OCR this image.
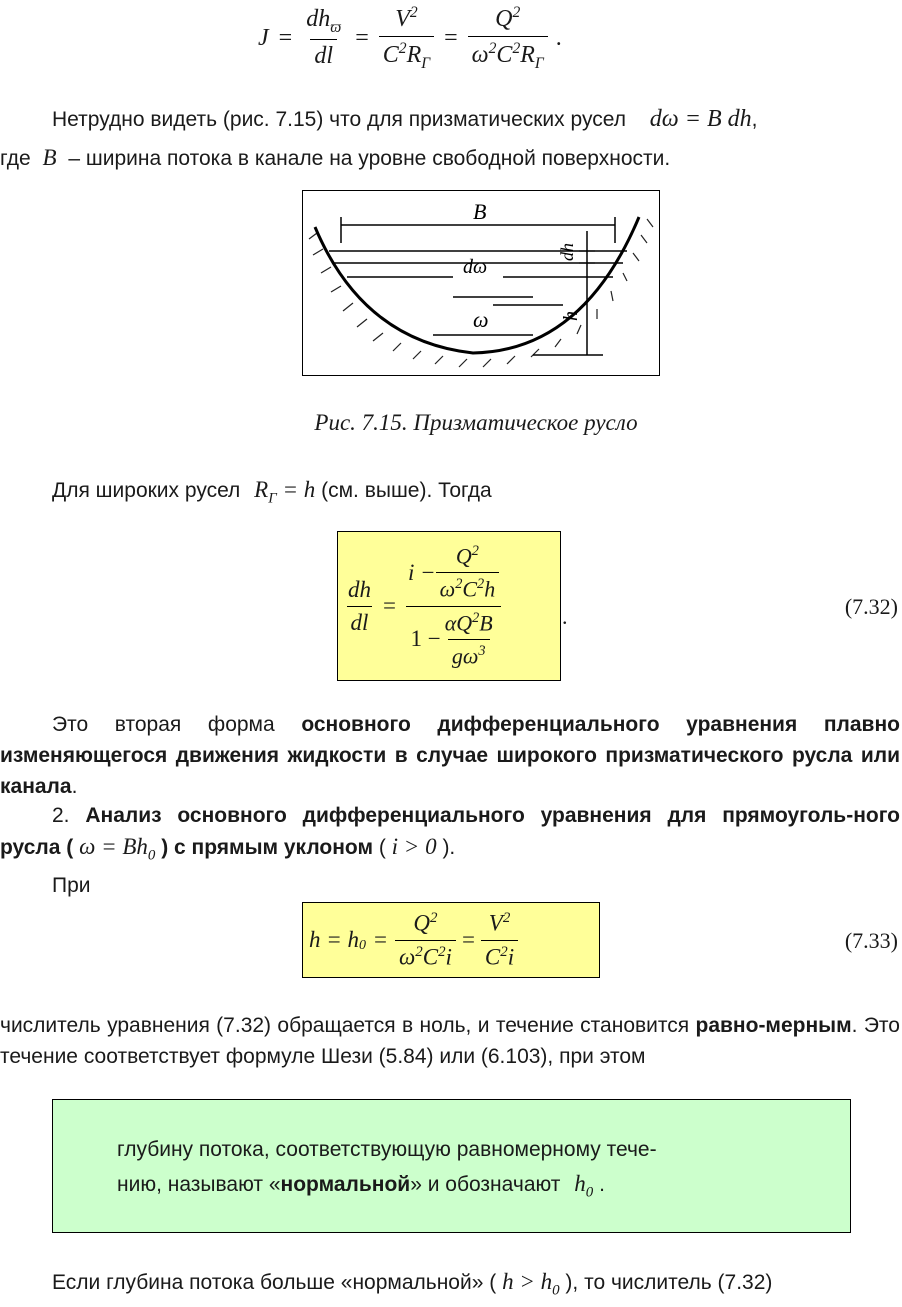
$J = \frac{dh_ϖ}{dl} = \frac{V^2}{C^2R_Г} = \frac{Q^2}{\omega^2C^2R_Г}$ .
Нетрудно видеть (рис. 7.15) что для призматических русел dω = B dh,
где B – ширина потока в канале на уровне свободной поверхности.
B
dh
dω
ω	h
Рис. 7.15. Призматическое русло
Для широких русел $R_Г = h$ (см. выше). Тогда
$\frac{dh}{dl} = \frac{i - \frac{Q^2}{\omega^2C^2h}}{1 - \frac{\alpha Q^2B}{g\omega^3}}$	.	(7.32)
Это вторая форма основного дифференциального уравнения плавно изменяющегося движения жидкости в случае широкого призматического русла или канала.
2. Анализ основного дифференциального уравнения для прямоуголь-ного русла ( $\omega = Bh_0$ ) с прямым уклоном ( i > 0 ).
При
$h = h_0 = \frac{Q^2}{\omega^2C^2i} = \frac{V^2}{C^2i}$	(7.33)
числитель уравнения (7.32) обращается в ноль, и течение становится равно-мерным. Это течение соответствует формуле Шези (5.84) или (6.103), при этом
глубину потока, соответствующую равномерному тече-
нию, называют «нормальной» и обозначают $h_0$ .
Если глубина потока больше «нормальной» ( $h > h_0$ ), то числитель (7.32)
